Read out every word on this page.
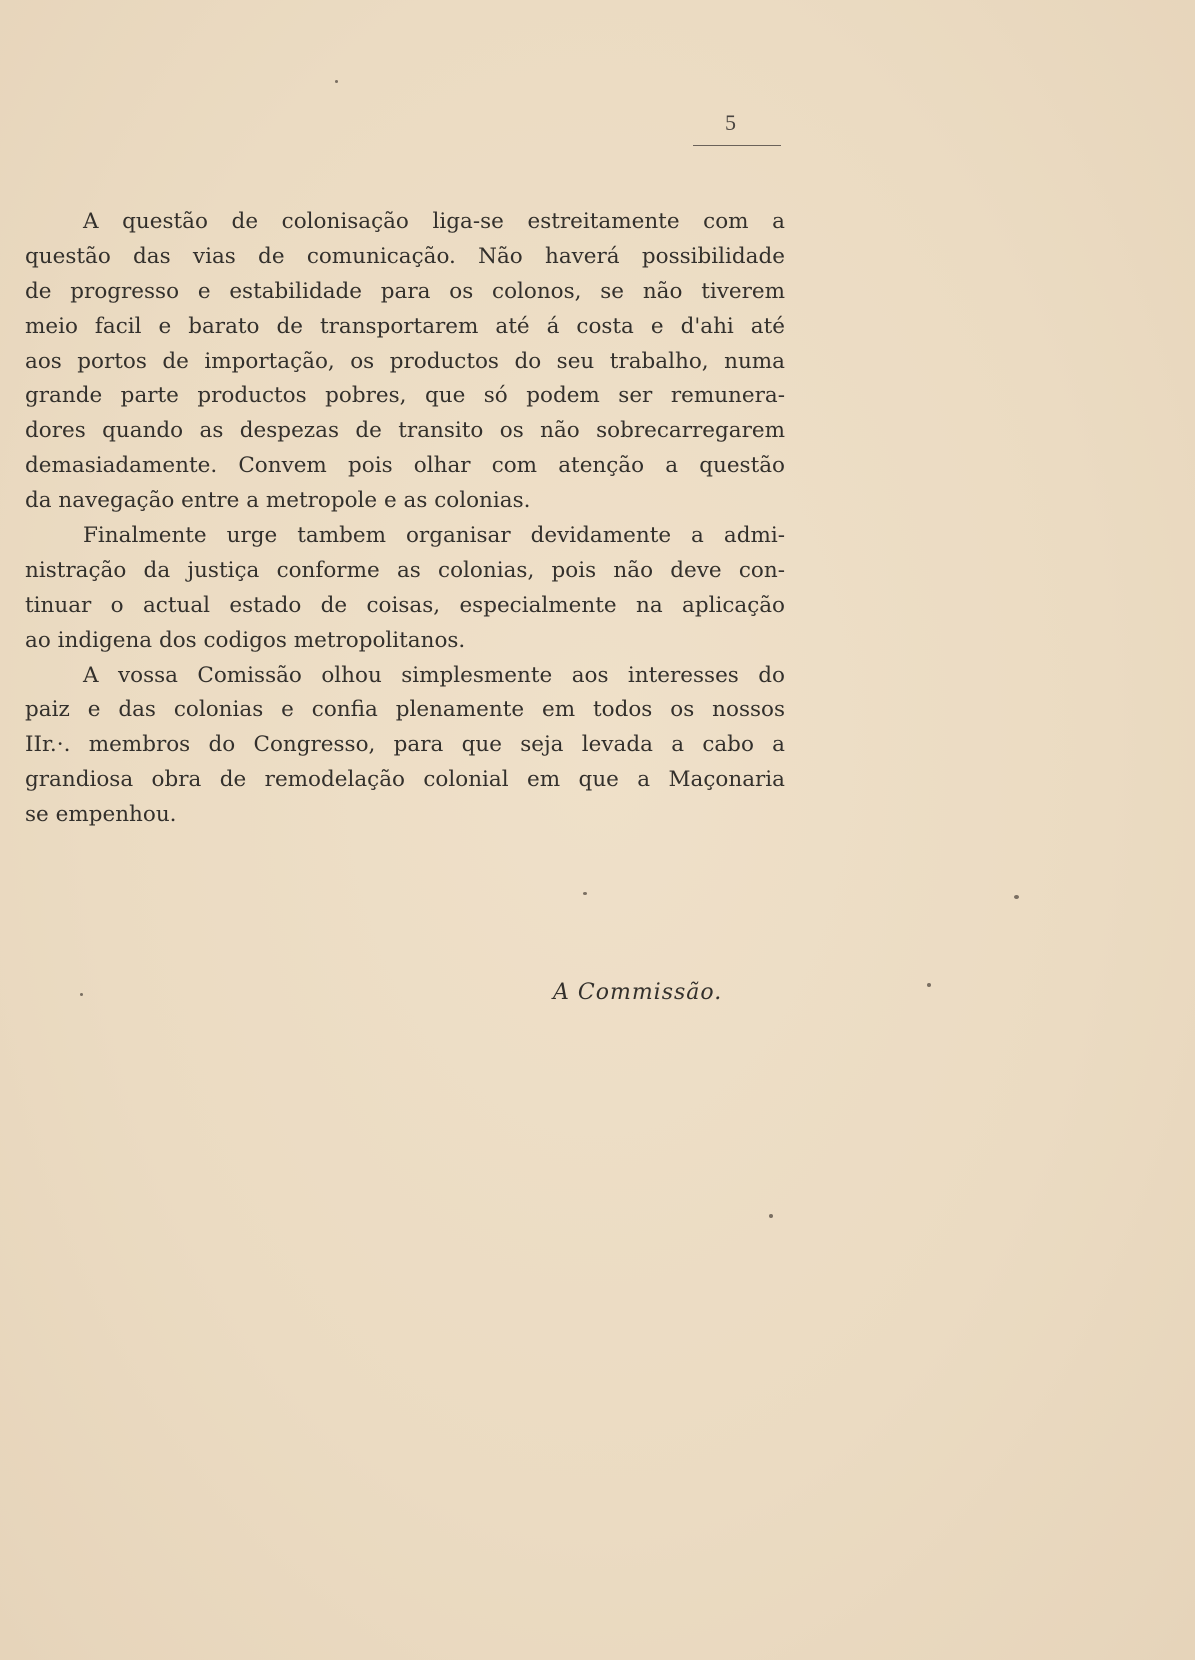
5
A questão de colonisação liga-se estreitamente com a
questão das vias de comunicação. Não haverá possibilidade
de progresso e estabilidade para os colonos, se não tiverem
meio facil e barato de transportarem até á costa e d'ahi até
aos portos de importação, os productos do seu trabalho, numa
grande parte productos pobres, que só podem ser remunera-
dores quando as despezas de transito os não sobrecarregarem
demasiadamente. Convem pois olhar com atenção a questão
da navegação entre a metropole e as colonias.
Finalmente urge tambem organisar devidamente a admi-
nistração da justiça conforme as colonias, pois não deve con-
tinuar o actual estado de coisas, especialmente na aplicação
ao indigena dos codigos metropolitanos.
A vossa Comissão olhou simplesmente aos interesses do
paiz e das colonias e confia plenamente em todos os nossos
IIr.·. membros do Congresso, para que seja levada a cabo a
grandiosa obra de remodelação colonial em que a Maçonaria
se empenhou.
A Commissão.
